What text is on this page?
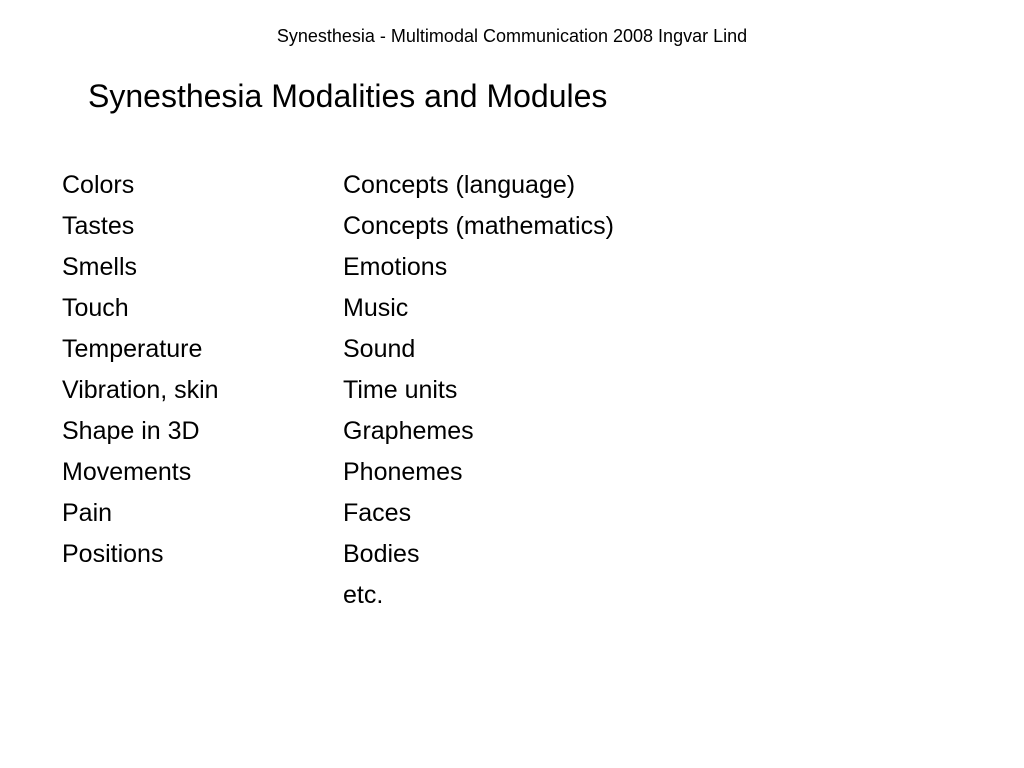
Synesthesia - Multimodal Communication 2008 Ingvar Lind
Synesthesia Modalities and Modules
Colors
Tastes
Smells
Touch
Temperature
Vibration, skin
Shape in 3D
Movements
Pain
Positions
Concepts (language)
Concepts (mathematics)
Emotions
Music
Sound
Time units
Graphemes
Phonemes
Faces
Bodies
etc.
